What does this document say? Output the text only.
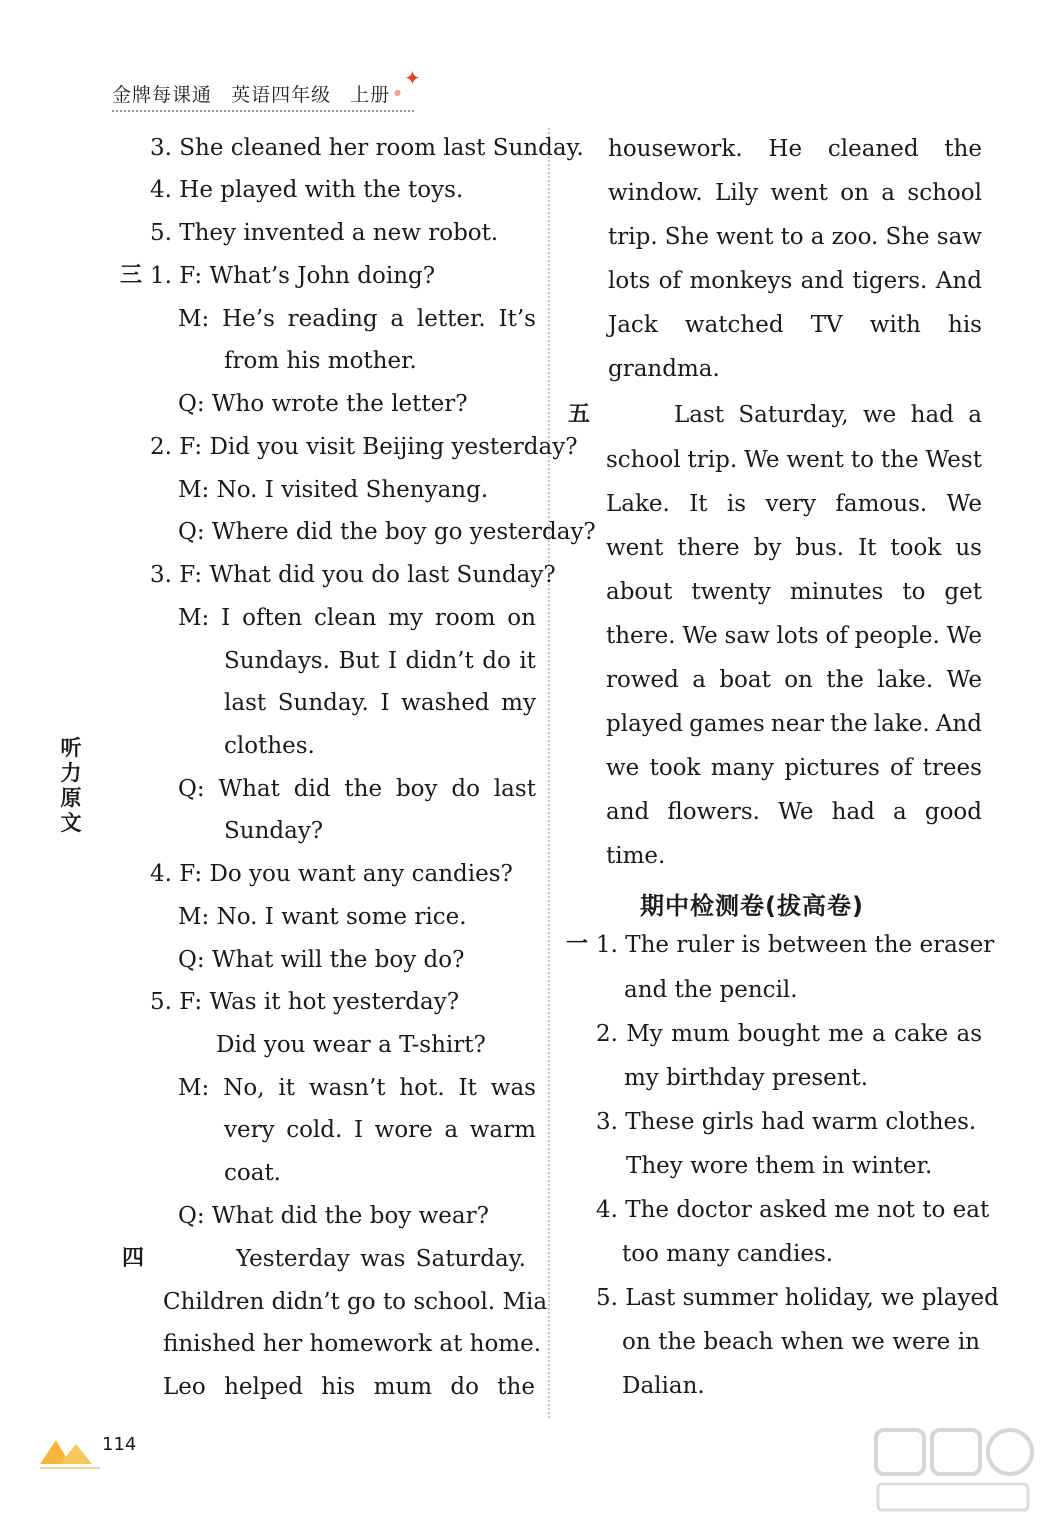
金牌每课通 英语四年级 上册
✦
●
听力原文
3. She cleaned her room last Sunday.
4. He played with the toys.
5. They invented a new robot.
三 1. F: What’s John doing?
M: He’s reading a letter. It’s
from his mother.
Q: Who wrote the letter?
2. F: Did you visit Beijing yesterday?
M: No. I visited Shenyang.
Q: Where did the boy go yesterday?
3. F: What did you do last Sunday?
M: I often clean my room on
Sundays. But I didn’t do it
last Sunday. I washed my
clothes.
Q: What did the boy do last
Sunday?
4. F: Do you want any candies?
M: No. I want some rice.
Q: What will the boy do?
5. F: Was it hot yesterday?
Did you wear a T-shirt?
M: No, it wasn’t hot. It was
very cold. I wore a warm
coat.
Q: What did the boy wear?
四	Yesterday was Saturday.
Children didn’t go to school. Mia
finished her homework at home.
Leo helped his mum do the
housework. He cleaned the
window. Lily went on a school
trip. She went to a zoo. She saw
lots of monkeys and tigers. And
Jack watched TV with his
grandma.
五	Last Saturday, we had a
school trip. We went to the West
Lake. It is very famous. We
went there by bus. It took us
about twenty minutes to get
there. We saw lots of people. We
rowed a boat on the lake. We
played games near the lake. And
we took many pictures of trees
and flowers. We had a good
time.
期中检测卷(拔高卷)
一 1. The ruler is between the eraser
and the pencil.
2. My mum bought me a cake as
my birthday present.
3. These girls had warm clothes.
They wore them in winter.
4. The doctor asked me not to eat
too many candies.
5. Last summer holiday, we played
on the beach when we were in
Dalian.
114
